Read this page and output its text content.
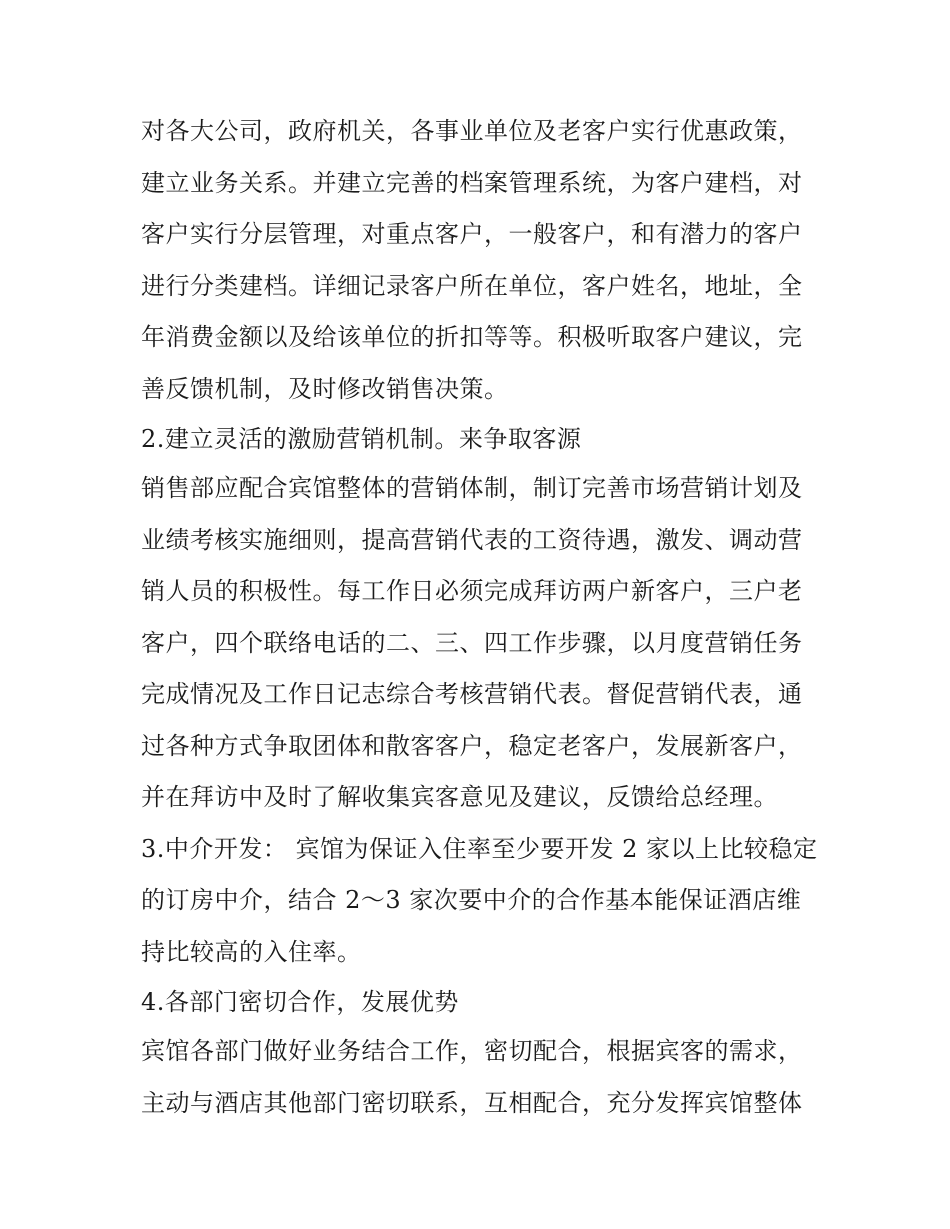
对各大公司，政府机关，各事业单位及老客户实行优惠政策，
建立业务关系。并建立完善的档案管理系统，为客户建档，对
客户实行分层管理，对重点客户，一般客户，和有潜力的客户
进行分类建档。详细记录客户所在单位，客户姓名，地址，全
年消费金额以及给该单位的折扣等等。积极听取客户建议，完
善反馈机制，及时修改销售决策。
2.建立灵活的激励营销机制。来争取客源
销售部应配合宾馆整体的营销体制，制订完善市场营销计划及
业绩考核实施细则，提高营销代表的工资待遇，激发、调动营
销人员的积极性。每工作日必须完成拜访两户新客户，三户老
客户，四个联络电话的二、三、四工作步骤，以月度营销任务
完成情况及工作日记志综合考核营销代表。督促营销代表，通
过各种方式争取团体和散客客户，稳定老客户，发展新客户，
并在拜访中及时了解收集宾客意见及建议，反馈给总经理。
3.中介开发： 宾馆为保证入住率至少要开发 2 家以上比较稳定
的订房中介，结合 2～3 家次要中介的合作基本能保证酒店维
持比较高的入住率。
4.各部门密切合作，发展优势
宾馆各部门做好业务结合工作，密切配合，根据宾客的需求，
主动与酒店其他部门密切联系，互相配合，充分发挥宾馆整体
